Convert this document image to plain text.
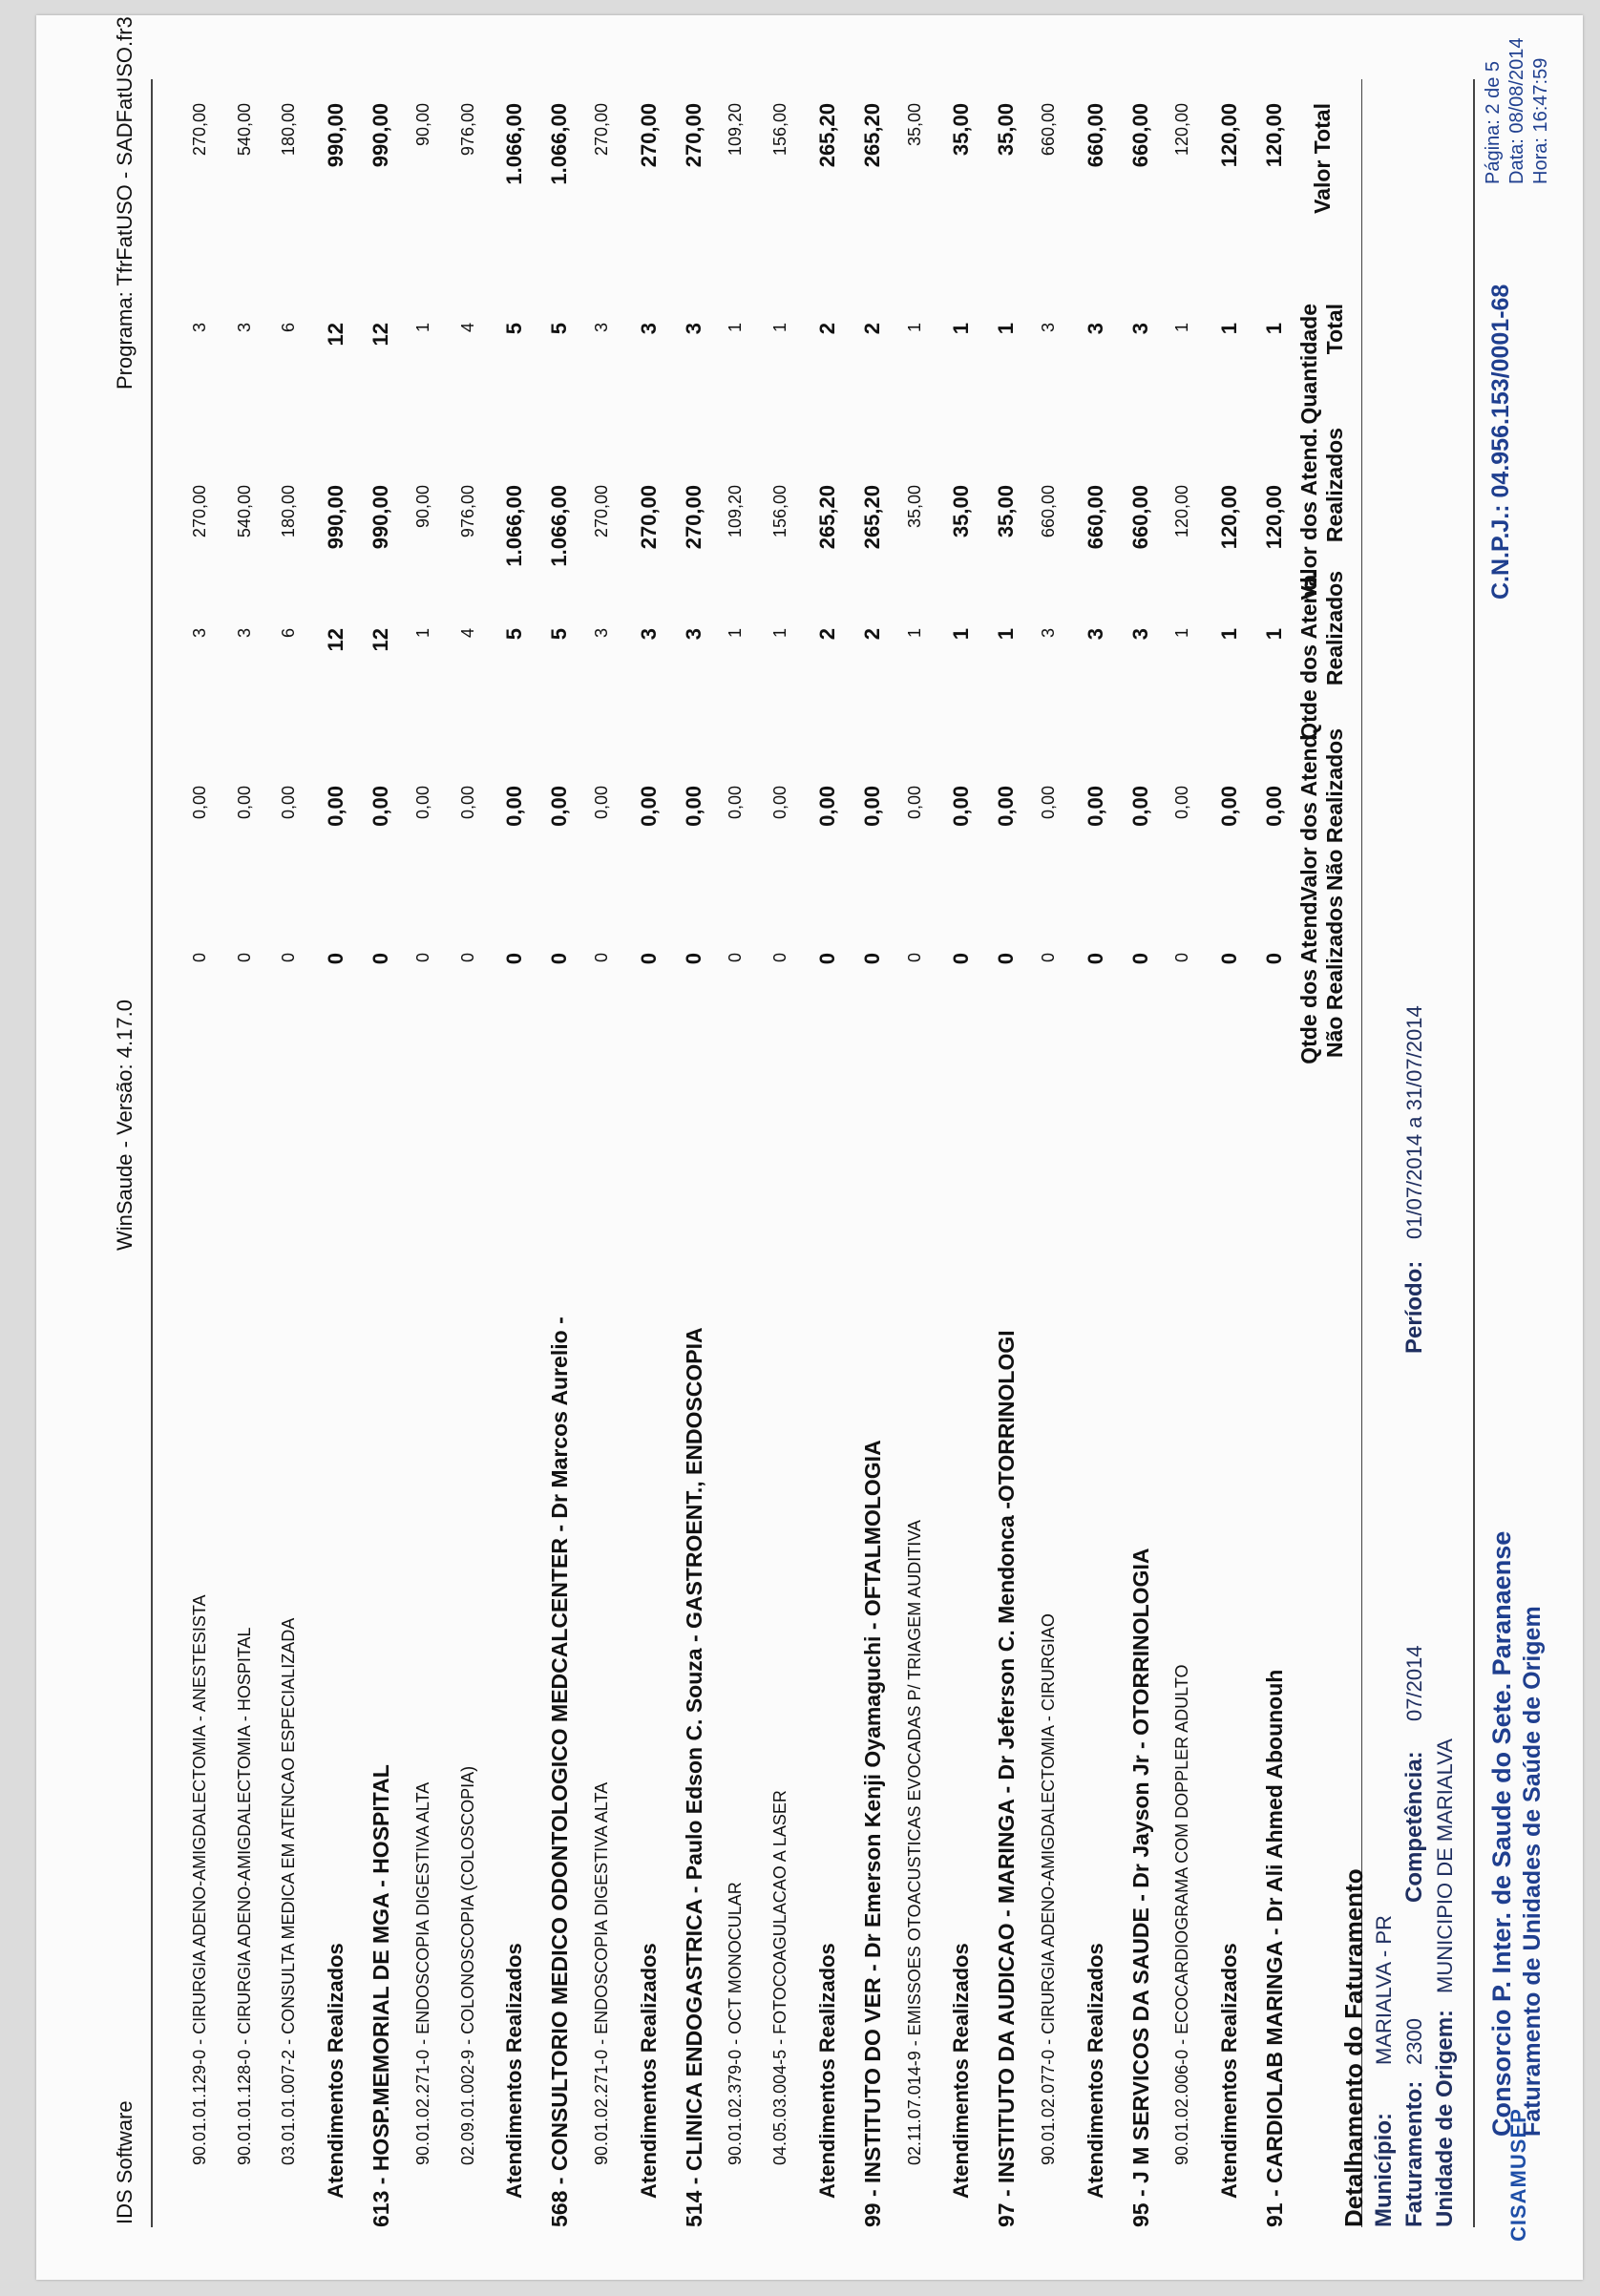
CISAMUSEP
Consorcio P. Inter. de Saude do Sete. Paranaense Faturamento de Unidades de Saúde de Origem
C.N.P.J.: 04.956.153/0001-68
Página: 2 de 5 Data: 08/08/2014 Hora: 16:47:59
Unidade de Origem:
MUNICIPIO DE MARIALVA
Faturamento:
2300
Competência:
07/2014
Período:
01/07/2014 a 31/07/2014
Município:
MARIALVA - PR
Detalhamento do Faturamento
Qtde dos Atend. Não Realizados
Valor dos Atend. Não Realizados
Qtde dos Atend. Realizados
Valor dos Atend. Realizados
Quantidade Total
Valor Total
91 - CARDIOLAB MARINGA - Dr Ali Ahmed Abounouh
0
0,00
1
120,00
1
120,00
Atendimentos Realizados
0
0,00
1
120,00
1
120,00
90.01.02.006-0 - ECOCARDIOGRAMA COM DOPPLER ADULTO
0
0,00
1
120,00
1
120,00
95 - J M SERVICOS DA SAUDE - Dr Jayson Jr - OTORRINOLOGIA
0
0,00
3
660,00
3
660,00
Atendimentos Realizados
0
0,00
3
660,00
3
660,00
90.01.02.077-0 - CIRURGIA ADENO-AMIGDALECTOMIA - CIRURGIAO
0
0,00
3
660,00
3
660,00
97 - INSTITUTO DA AUDICAO - MARINGA - Dr Jeferson C. Mendonca -OTORRINOLOGI
0
0,00
1
35,00
1
35,00
Atendimentos Realizados
0
0,00
1
35,00
1
35,00
02.11.07.014-9 - EMISSOES OTOACUSTICAS EVOCADAS P/ TRIAGEM AUDITIVA
0
0,00
1
35,00
1
35,00
99 - INSTITUTO DO VER - Dr Emerson Kenji Oyamaguchi - OFTALMOLOGIA
0
0,00
2
265,20
2
265,20
Atendimentos Realizados
0
0,00
2
265,20
2
265,20
04.05.03.004-5 - FOTOCOAGULACAO A LASER
0
0,00
1
156,00
1
156,00
90.01.02.379-0 - OCT MONOCULAR
0
0,00
1
109,20
1
109,20
514 - CLINICA ENDOGASTRICA - Paulo Edson C. Souza - GASTROENT., ENDOSCOPIA
0
0,00
3
270,00
3
270,00
Atendimentos Realizados
0
0,00
3
270,00
3
270,00
90.01.02.271-0 - ENDOSCOPIA DIGESTIVA ALTA
0
0,00
3
270,00
3
270,00
568 - CONSULTORIO MEDICO ODONTOLOGICO MEDCALCENTER - Dr Marcos Aurelio -
0
0,00
5
1.066,00
5
1.066,00
Atendimentos Realizados
0
0,00
5
1.066,00
5
1.066,00
02.09.01.002-9 - COLONOSCOPIA (COLOSCOPIA)
0
0,00
4
976,00
4
976,00
90.01.02.271-0 - ENDOSCOPIA DIGESTIVA ALTA
0
0,00
1
90,00
1
90,00
613 - HOSP.MEMORIAL DE MGA - HOSPITAL
0
0,00
12
990,00
12
990,00
Atendimentos Realizados
0
0,00
12
990,00
12
990,00
03.01.01.007-2 - CONSULTA MEDICA EM ATENCAO ESPECIALIZADA
0
0,00
6
180,00
6
180,00
90.01.01.128-0 - CIRURGIA ADENO-AMIGDALECTOMIA - HOSPITAL
0
0,00
3
540,00
3
540,00
90.01.01.129-0 - CIRURGIA ADENO-AMIGDALECTOMIA - ANESTESISTA
0
0,00
3
270,00
3
270,00
IDS Software
WinSaude - Versão: 4.17.0
Programa: TfrFatUSO - SADFatUSO.fr3
